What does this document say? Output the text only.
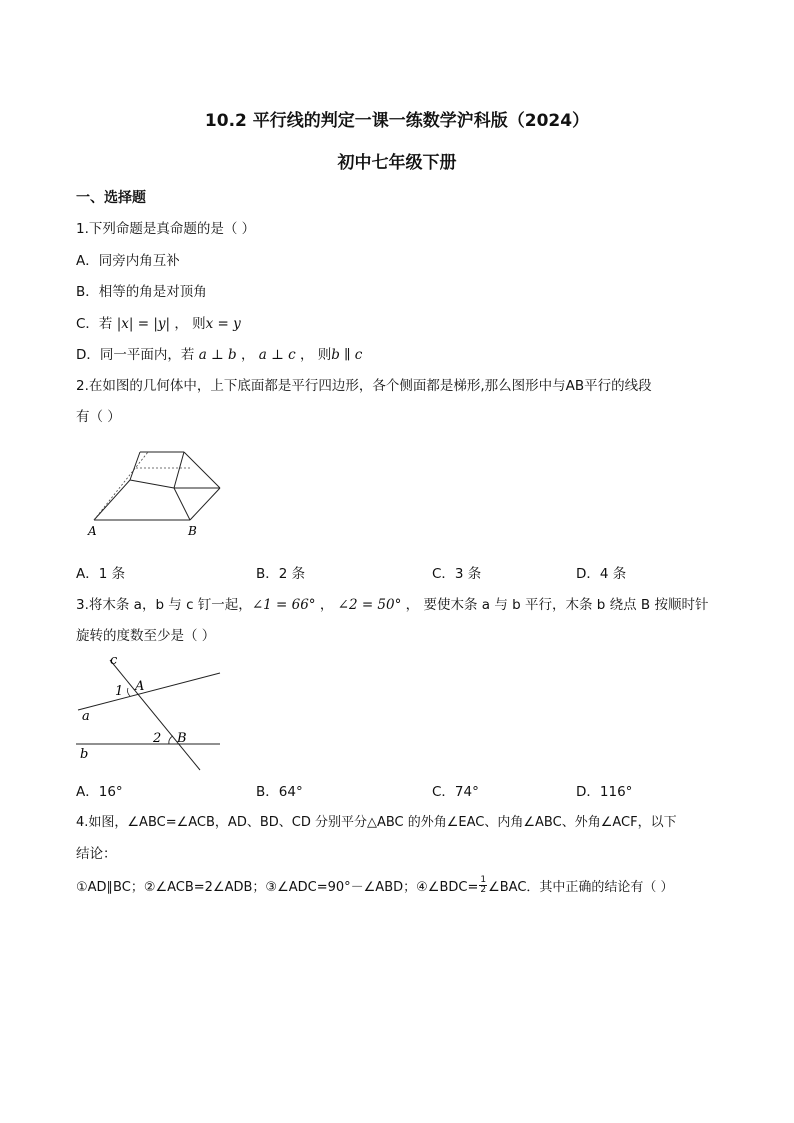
10.2 平行线的判定一课一练数学沪科版（2024）
初中七年级下册
一、选择题
1.下列命题是真命题的是（ ）
A．同旁内角互补
B．相等的角是对顶角
C．若 |x| = |y| ， 则x = y
D．同一平面内，若 a ⊥ b ， a ⊥ c ， 则b ∥ c
2.在如图的几何体中，上下底面都是平行四边形，各个侧面都是梯形,那么图形中与AB平行的线段
有（ ）
A	B
A．1 条	B．2 条	C．3 条	D．4 条
3.将木条 a，b 与 c 钉一起，∠1 = 66° ， ∠2 = 50° ， 要使木条 a 与 b 平行，木条 b 绕点 B 按顺时针
旋转的度数至少是（ ）
c
1 A
a
2 B
b
A．16°	B．64°	C．74°	D．116°
4.如图，∠ABC=∠ACB，AD、BD、CD 分别平分△ABC 的外角∠EAC、内角∠ABC、外角∠ACF，以下
结论：
①AD∥BC；②∠ACB=2∠ADB；③∠ADC=90°－∠ABD；④∠BDC= $\frac{1}{2}$ ∠BAC．其中正确的结论有（ ）
